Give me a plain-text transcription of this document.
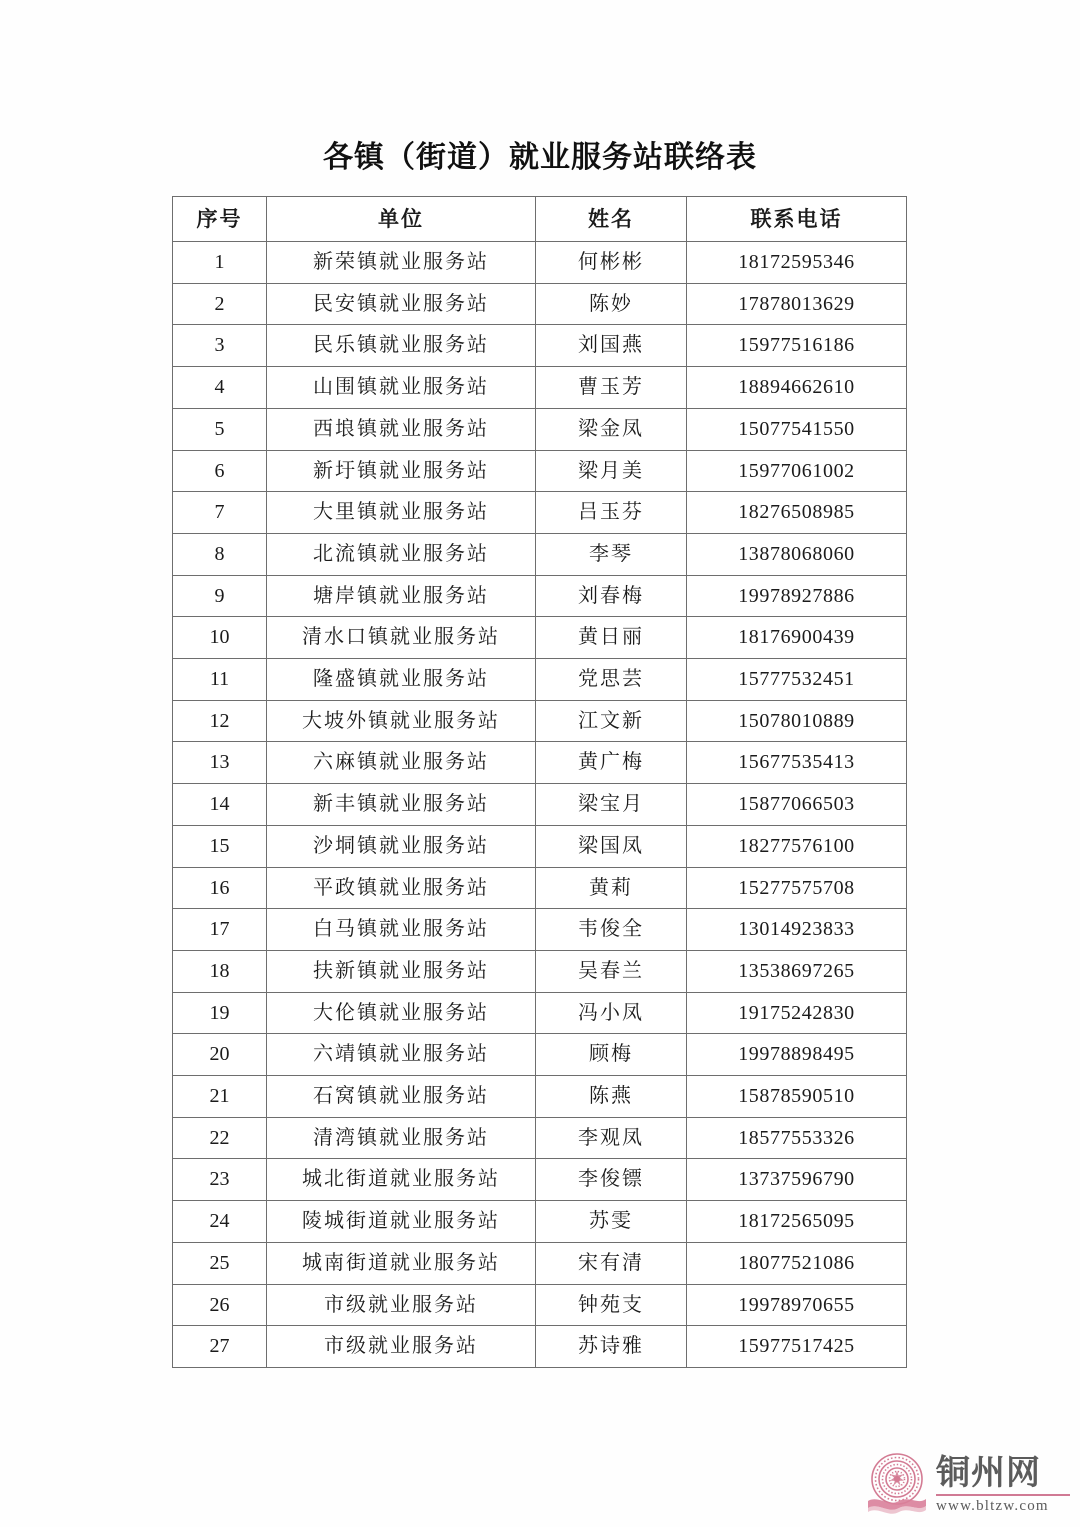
各镇（街道）就业服务站联络表
序号	单位	姓名	联系电话
1	新荣镇就业服务站	何彬彬	18172595346
2	民安镇就业服务站	陈妙	17878013629
3	民乐镇就业服务站	刘国燕	15977516186
4	山围镇就业服务站	曹玉芳	18894662610
5	西埌镇就业服务站	梁金凤	15077541550
6	新圩镇就业服务站	梁月美	15977061002
7	大里镇就业服务站	吕玉芬	18276508985
8	北流镇就业服务站	李琴	13878068060
9	塘岸镇就业服务站	刘春梅	19978927886
10	清水口镇就业服务站	黄日丽	18176900439
11	隆盛镇就业服务站	党思芸	15777532451
12	大坡外镇就业服务站	江文新	15078010889
13	六麻镇就业服务站	黄广梅	15677535413
14	新丰镇就业服务站	梁宝月	15877066503
15	沙垌镇就业服务站	梁国凤	18277576100
16	平政镇就业服务站	黄莉	15277575708
17	白马镇就业服务站	韦俊全	13014923833
18	扶新镇就业服务站	吴春兰	13538697265
19	大伦镇就业服务站	冯小凤	19175242830
20	六靖镇就业服务站	顾梅	19978898495
21	石窝镇就业服务站	陈燕	15878590510
22	清湾镇就业服务站	李观凤	18577553326
23	城北街道就业服务站	李俊镖	13737596790
24	陵城街道就业服务站	苏雯	18172565095
25	城南街道就业服务站	宋有清	18077521086
26	市级就业服务站	钟苑支	19978970655
27	市级就业服务站	苏诗雅	15977517425
铜州网
www.bltzw.com
